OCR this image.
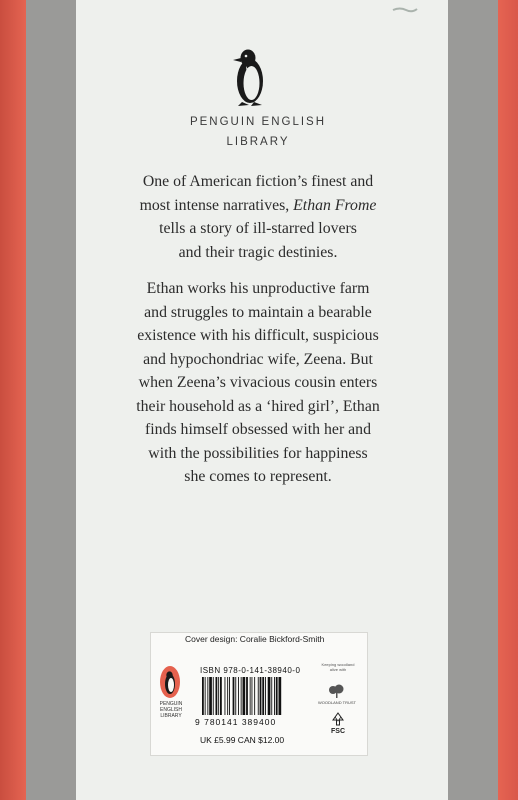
PENGUIN ENGLISH
LIBRARY
One of American fiction’s finest and
most intense narratives, Ethan Frome
tells a story of ill-starred lovers
and their tragic destinies.
Ethan works his unproductive farm
and struggles to maintain a bearable
existence with his difficult, suspicious
and hypochondriac wife, Zeena. But
when Zeena’s vivacious cousin enters
their household as a ‘hired girl’, Ethan
finds himself obsessed with her and
with the possibilities for happiness
she comes to represent.
Cover design: Coralie Bickford-Smith
PENGUIN ENGLISH LIBRARY
ISBN 978-0-141-38940-0
9 780141 389400
UK £5.99 CAN $12.00
Keeping woodland alive with
WOODLAND TRUST
FSC
